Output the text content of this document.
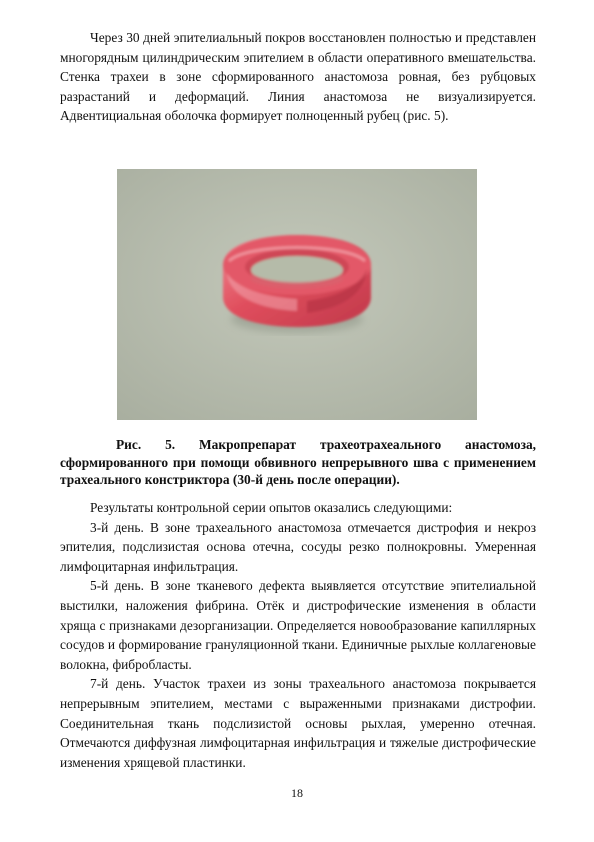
Через 30 дней эпителиальный покров восстановлен полностью и представлен многорядным цилиндрическим эпителием в области оперативного вмешательства. Стенка трахеи в зоне сформированного анастомоза ровная, без рубцовых разрастаний и деформаций. Линия анастомоза не визуализируется. Адвентициальная оболочка формирует полноценный рубец (рис. 5).

Рис. 5. Макропрепарат трахеотрахеального анастомоза, сформированного при помощи обвивного непрерывного шва с применением трахеального констриктора (30-й день после операции).

Результаты контрольной серии опытов оказались следующими:

3-й день. В зоне трахеального анастомоза отмечается дистрофия и некроз эпителия, подслизистая основа отечна, сосуды резко полнокровны. Умеренная лимфоцитарная инфильтрация.

5-й день. В зоне тканевого дефекта выявляется отсутствие эпителиальной выстилки, наложения фибрина. Отёк и дистрофические изменения в области хряща с признаками дезорганизации. Определяется новообразование капиллярных сосудов и формирование грануляционной ткани. Единичные рыхлые коллагеновые волокна, фибробласты.

7-й день. Участок трахеи из зоны трахеального анастомоза покрывается непрерывным эпителием, местами с выраженными признаками дистрофии. Соединительная ткань подслизистой основы рыхлая, умеренно отечная. Отмечаются диффузная лимфоцитарная инфильтрация и тяжелые дистрофические изменения хрящевой пластинки.

18
